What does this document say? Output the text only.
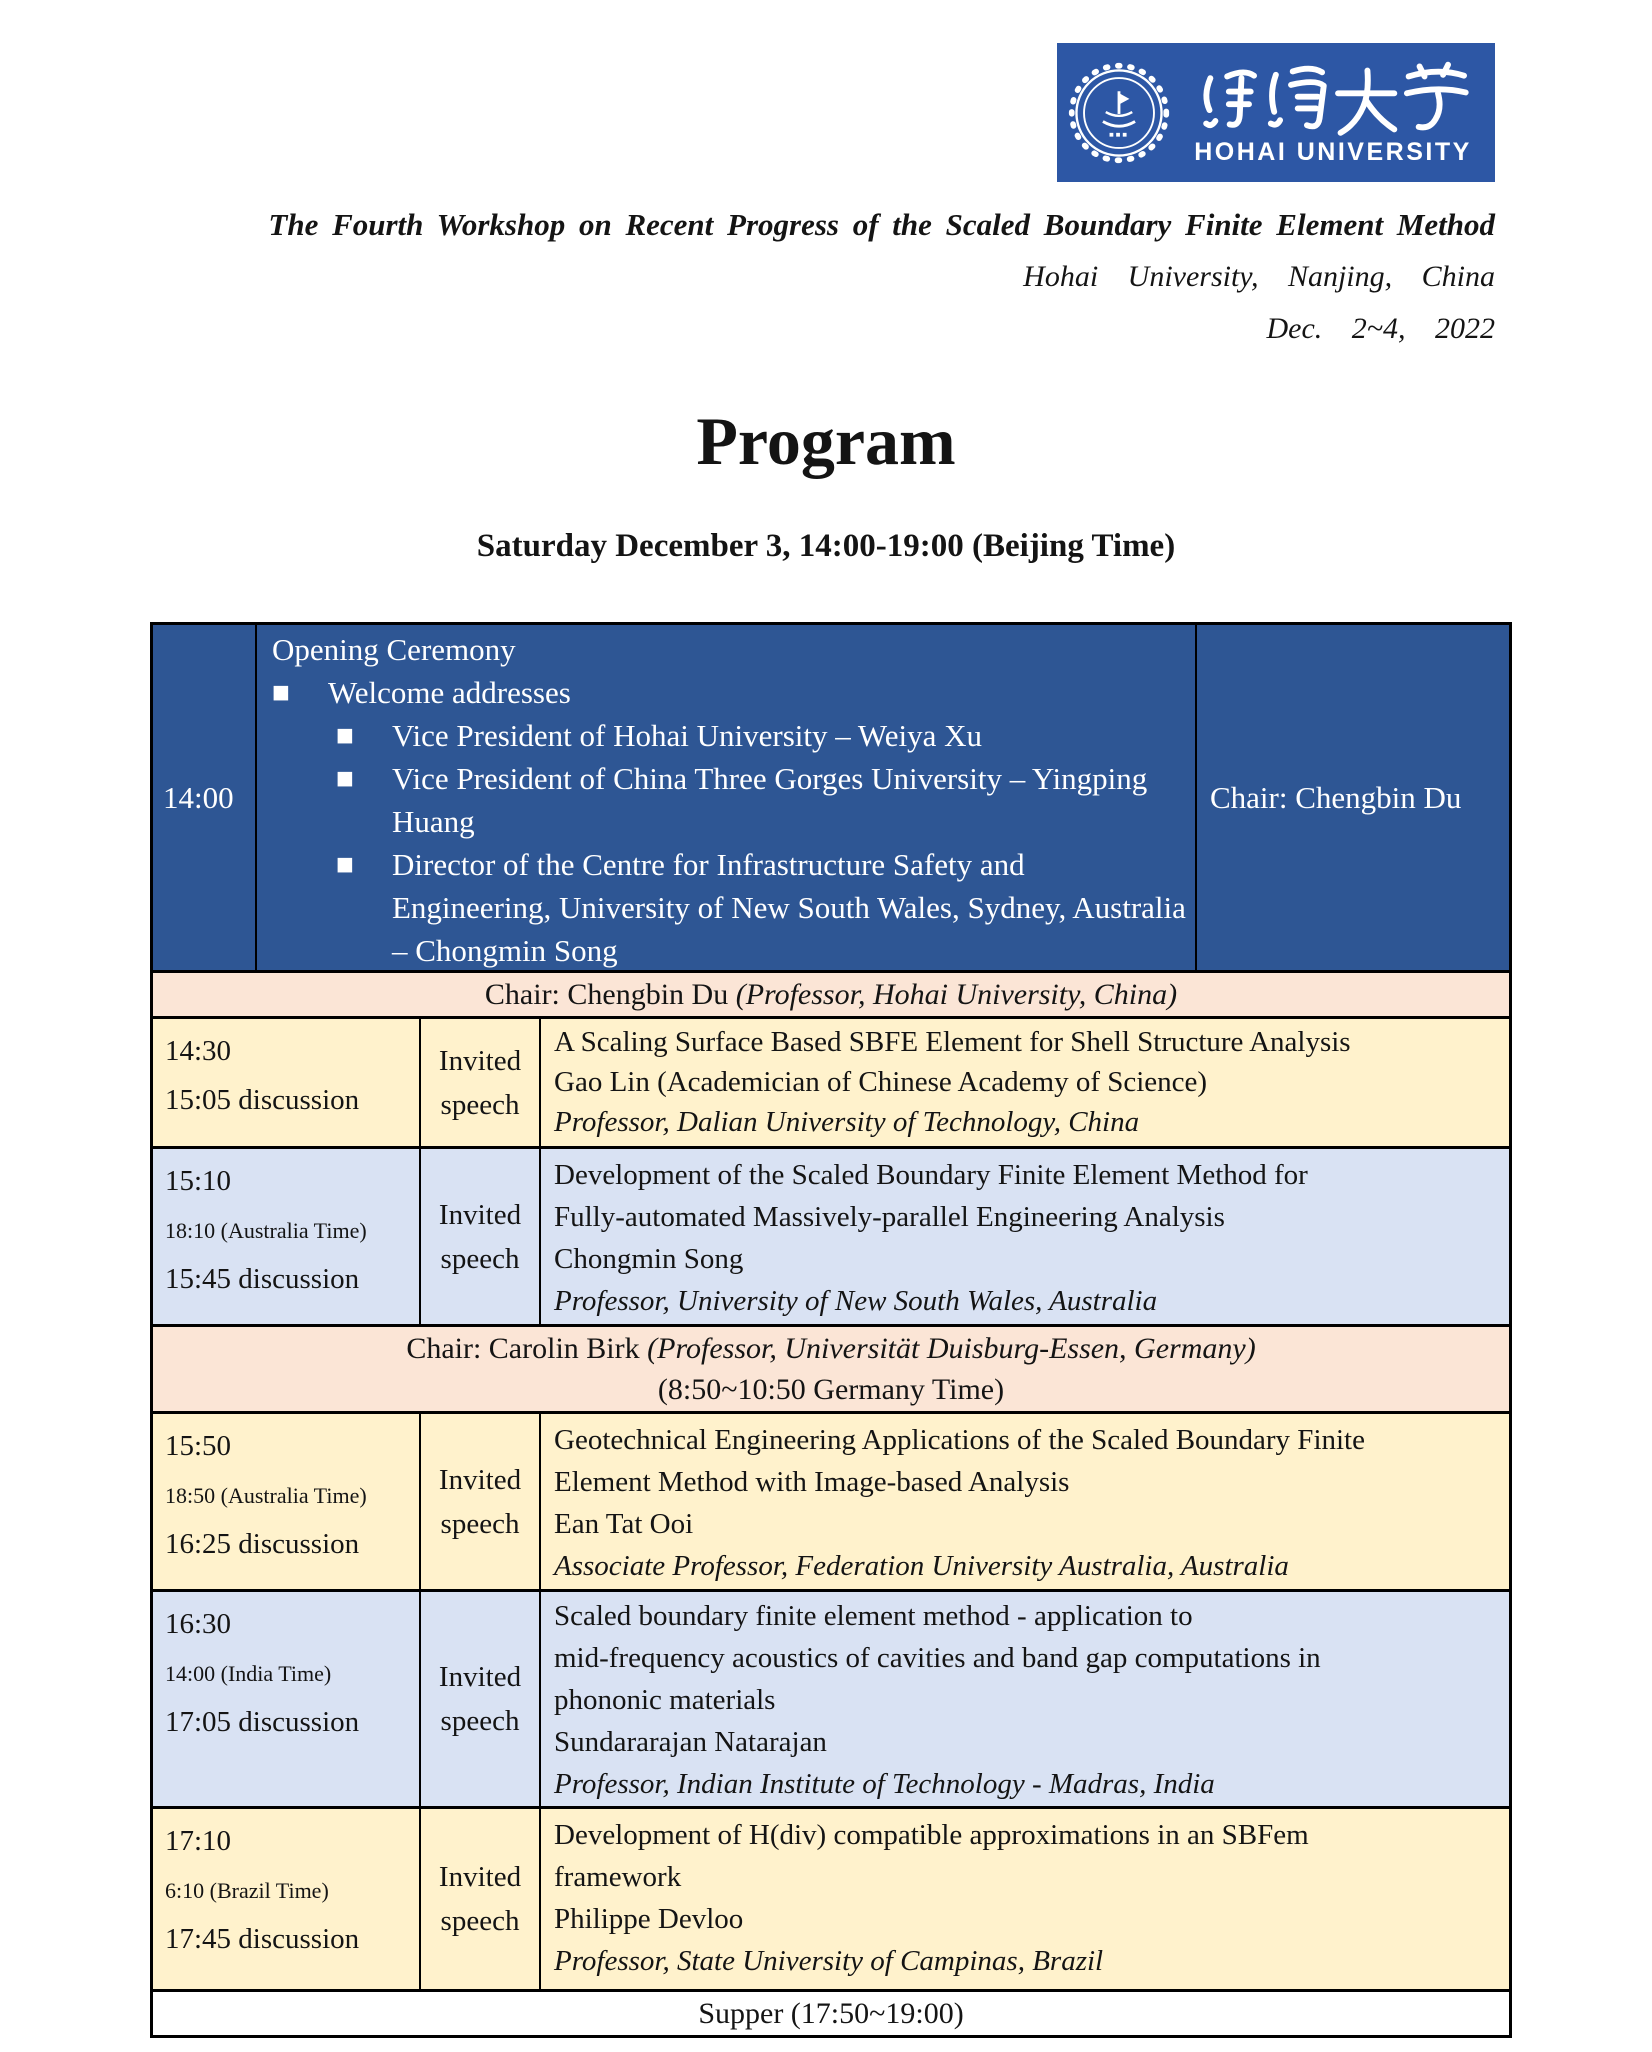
HOHAI UNIVERSITY
The Fourth Workshop on Recent Progress of the Scaled Boundary Finite Element Method
Hohai University, Nanjing, China
Dec. 2~4, 2022
Program
Saturday December 3, 14:00-19:00 (Beijing Time)
14:00
Opening Ceremony
■ Welcome addresses
■ Vice President of Hohai University – Weiya Xu
■ Vice President of China Three Gorges University – Yingping Huang
■ Director of the Centre for Infrastructure Safety and Engineering, University of New South Wales, Sydney, Australia – Chongmin Song
Chair: Chengbin Du
Chair: Chengbin Du (Professor, Hohai University, China)
14:30
15:05 discussion
Invited speech
A Scaling Surface Based SBFE Element for Shell Structure Analysis
Gao Lin (Academician of Chinese Academy of Science)
Professor, Dalian University of Technology, China
15:10
18:10 (Australia Time)
15:45 discussion
Invited speech
Development of the Scaled Boundary Finite Element Method for
Fully-automated Massively-parallel Engineering Analysis
Chongmin Song
Professor, University of New South Wales, Australia
Chair: Carolin Birk (Professor, Universität Duisburg-Essen, Germany)
(8:50~10:50 Germany Time)
15:50
18:50 (Australia Time)
16:25 discussion
Invited speech
Geotechnical Engineering Applications of the Scaled Boundary Finite
Element Method with Image-based Analysis
Ean Tat Ooi
Associate Professor, Federation University Australia, Australia
16:30
14:00 (India Time)
17:05 discussion
Invited speech
Scaled boundary finite element method - application to
mid-frequency acoustics of cavities and band gap computations in
phononic materials
Sundararajan Natarajan
Professor, Indian Institute of Technology - Madras, India
17:10
6:10 (Brazil Time)
17:45 discussion
Invited speech
Development of H(div) compatible approximations in an SBFem
framework
Philippe Devloo
Professor, State University of Campinas, Brazil
Supper (17:50~19:00)
